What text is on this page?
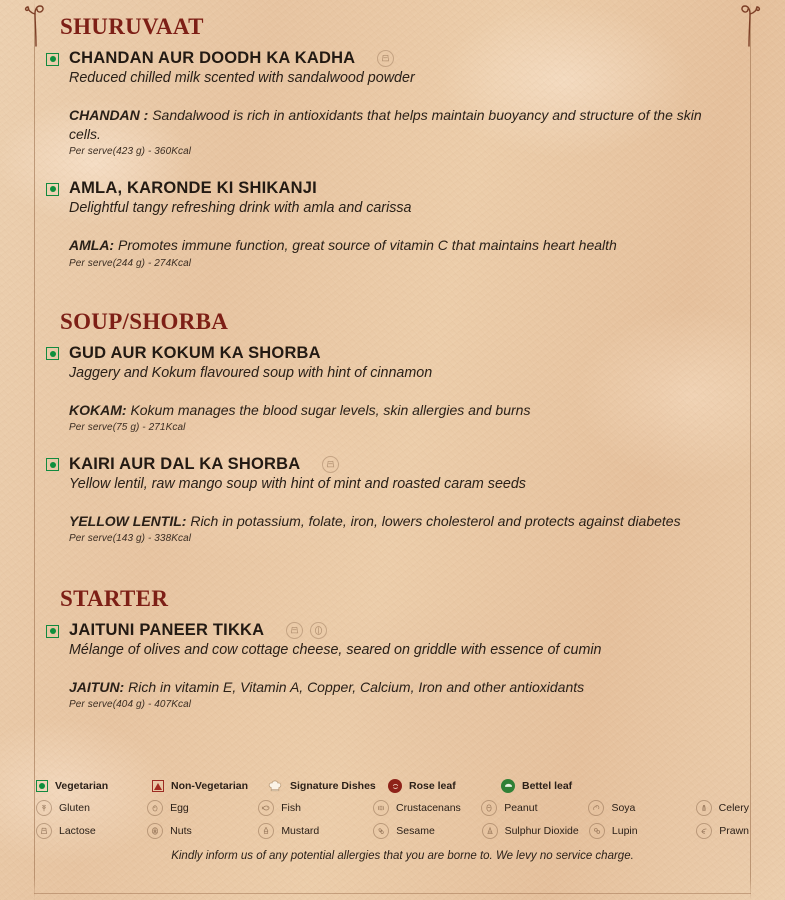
SHURUVAAT
CHANDAN AUR DOODH KA KADHA

Reduced chilled milk scented with sandalwood powder

CHANDAN : Sandalwood is rich in antioxidants that helps maintain buoyancy and structure of the skin cells.

Per serve(423 g) - 360Kcal

AMLA, KARONDE KI SHIKANJI

Delightful tangy refreshing drink with amla and carissa

AMLA: Promotes immune function, great source of vitamin C that maintains heart health

Per serve(244 g) - 274Kcal

SOUP/SHORBA
GUD AUR KOKUM KA SHORBA

Jaggery and Kokum flavoured soup with hint of cinnamon

KOKAM: Kokum manages the blood sugar levels, skin allergies and burns

Per serve(75 g) - 271Kcal

KAIRI AUR DAL KA SHORBA

Yellow lentil, raw mango soup with hint of mint and roasted caram seeds

YELLOW LENTIL: Rich in potassium, folate, iron, lowers cholesterol and protects against diabetes

Per serve(143 g) - 338Kcal

STARTER
JAITUNI PANEER TIKKA

Mélange of olives and cow cottage cheese, seared on griddle with essence of cumin

JAITUN: Rich in vitamin E, Vitamin A, Copper, Calcium, Iron and other antioxidants

Per serve(404 g) - 407Kcal

Vegetarian	Non-Vegetarian	Signature Dishes	Rose leaf	Bettel leaf
Gluten	Egg	Fish	Crustacenans	Peanut	Soya	Celery
Lactose	Nuts	Mustard	Sesame	Sulphur Dioxide	Lupin	Prawn
Kindly inform us of any potential allergies that you are borne to. We levy no service charge.
